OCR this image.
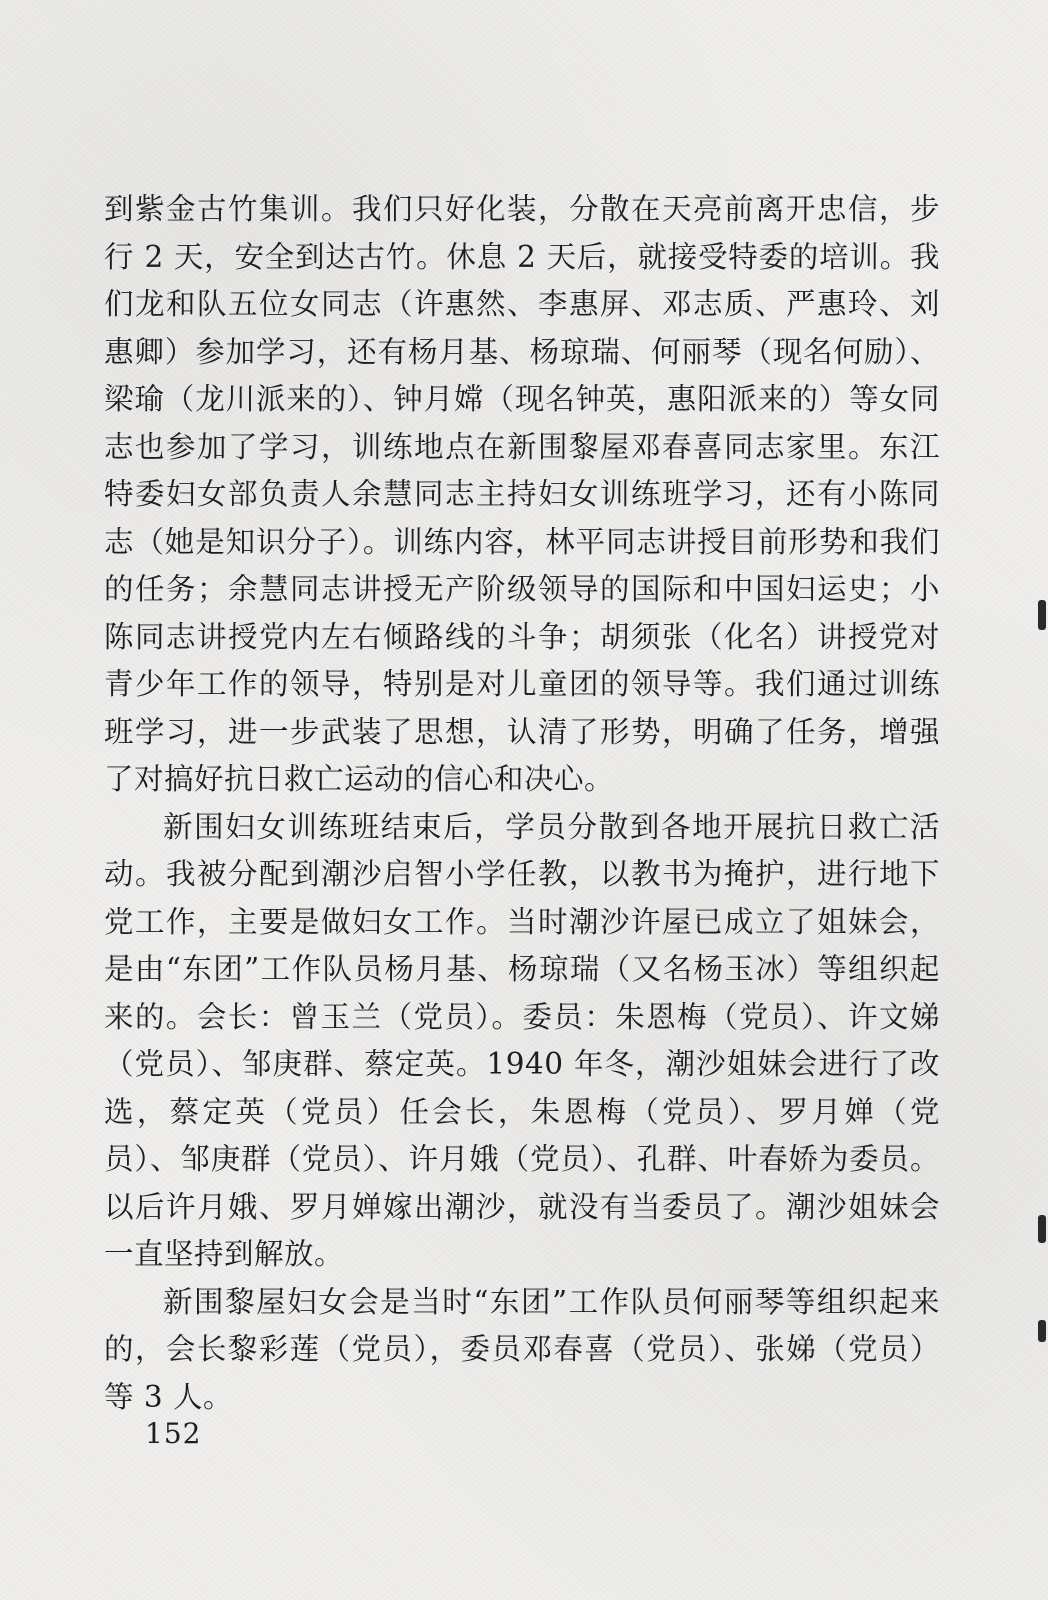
到紫金古竹集训。我们只好化装，分散在天亮前离开忠信，步行 2 天，安全到达古竹。休息 2 天后，就接受特委的培训。我们龙和队五位女同志（许惠然、李惠屏、邓志质、严惠玲、刘惠卿）参加学习，还有杨月基、杨琼瑞、何丽琴（现名何励）、梁瑜（龙川派来的）、钟月嫦（现名钟英，惠阳派来的）等女同志也参加了学习，训练地点在新围黎屋邓春喜同志家里。东江特委妇女部负责人余慧同志主持妇女训练班学习，还有小陈同志（她是知识分子）。训练内容，林平同志讲授目前形势和我们的任务；余慧同志讲授无产阶级领导的国际和中国妇运史；小陈同志讲授党内左右倾路线的斗争；胡须张（化名）讲授党对青少年工作的领导，特别是对儿童团的领导等。我们通过训练班学习，进一步武装了思想，认清了形势，明确了任务，增强了对搞好抗日救亡运动的信心和决心。

新围妇女训练班结束后，学员分散到各地开展抗日救亡活动。我被分配到潮沙启智小学任教，以教书为掩护，进行地下党工作，主要是做妇女工作。当时潮沙许屋已成立了姐妹会，是由“东团”工作队员杨月基、杨琼瑞（又名杨玉冰）等组织起来的。会长：曾玉兰（党员）。委员：朱恩梅（党员）、许文娣（党员）、邹庚群、蔡定英。1940 年冬，潮沙姐妹会进行了改选，蔡定英（党员）任会长，朱恩梅（党员）、罗月婵（党员）、邹庚群（党员）、许月娥（党员）、孔群、叶春娇为委员。以后许月娥、罗月婵嫁出潮沙，就没有当委员了。潮沙姐妹会一直坚持到解放。

新围黎屋妇女会是当时“东团”工作队员何丽琴等组织起来的，会长黎彩莲（党员），委员邓春喜（党员）、张娣（党员）等 3 人。

152
